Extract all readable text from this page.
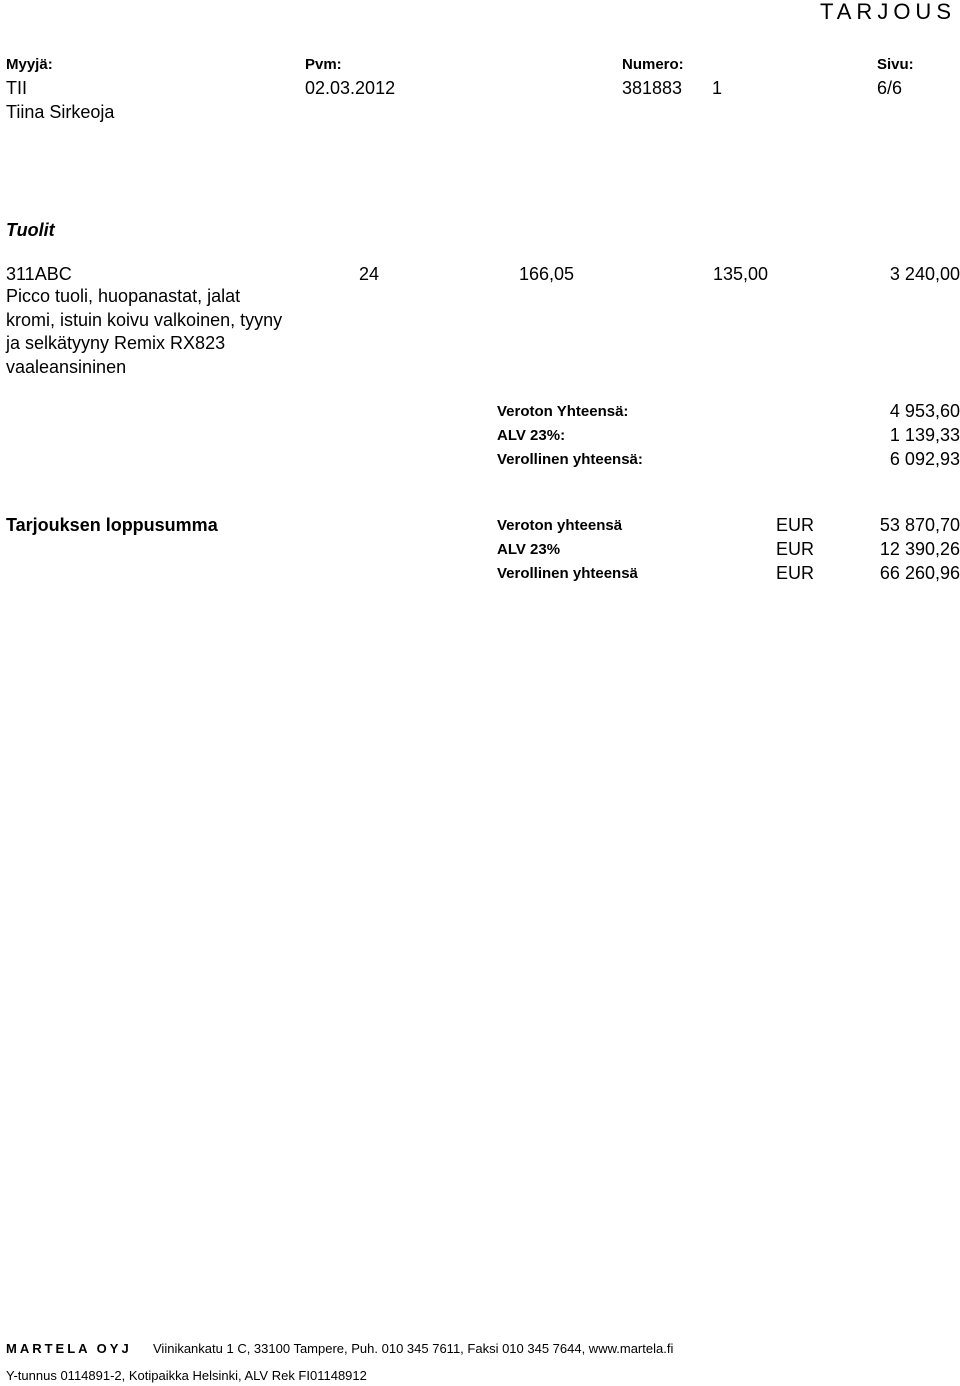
TARJOUS
Myyjä:	Pvm:	Numero:	Sivu:
TII	02.03.2012	381883 1	6/6
Tiina Sirkeoja
Tuolit
311ABC	24	166,05	135,00	3 240,00
Picco tuoli, huopanastat, jalat
kromi, istuin koivu valkoinen, tyyny
ja selkätyyny Remix RX823
vaaleansininen
Veroton Yhteensä:	4 953,60
ALV 23%:	1 139,33
Verollinen yhteensä:	6 092,93
Tarjouksen loppusumma	Veroton yhteensä	EUR	53 870,70
ALV 23%	EUR	12 390,26
Verollinen yhteensä	EUR	66 260,96
MARTELA OYJ Viinikankatu 1 C, 33100 Tampere, Puh. 010 345 7611, Faksi 010 345 7644, www.martela.fi
Y-tunnus 0114891-2, Kotipaikka Helsinki, ALV Rek FI01148912
